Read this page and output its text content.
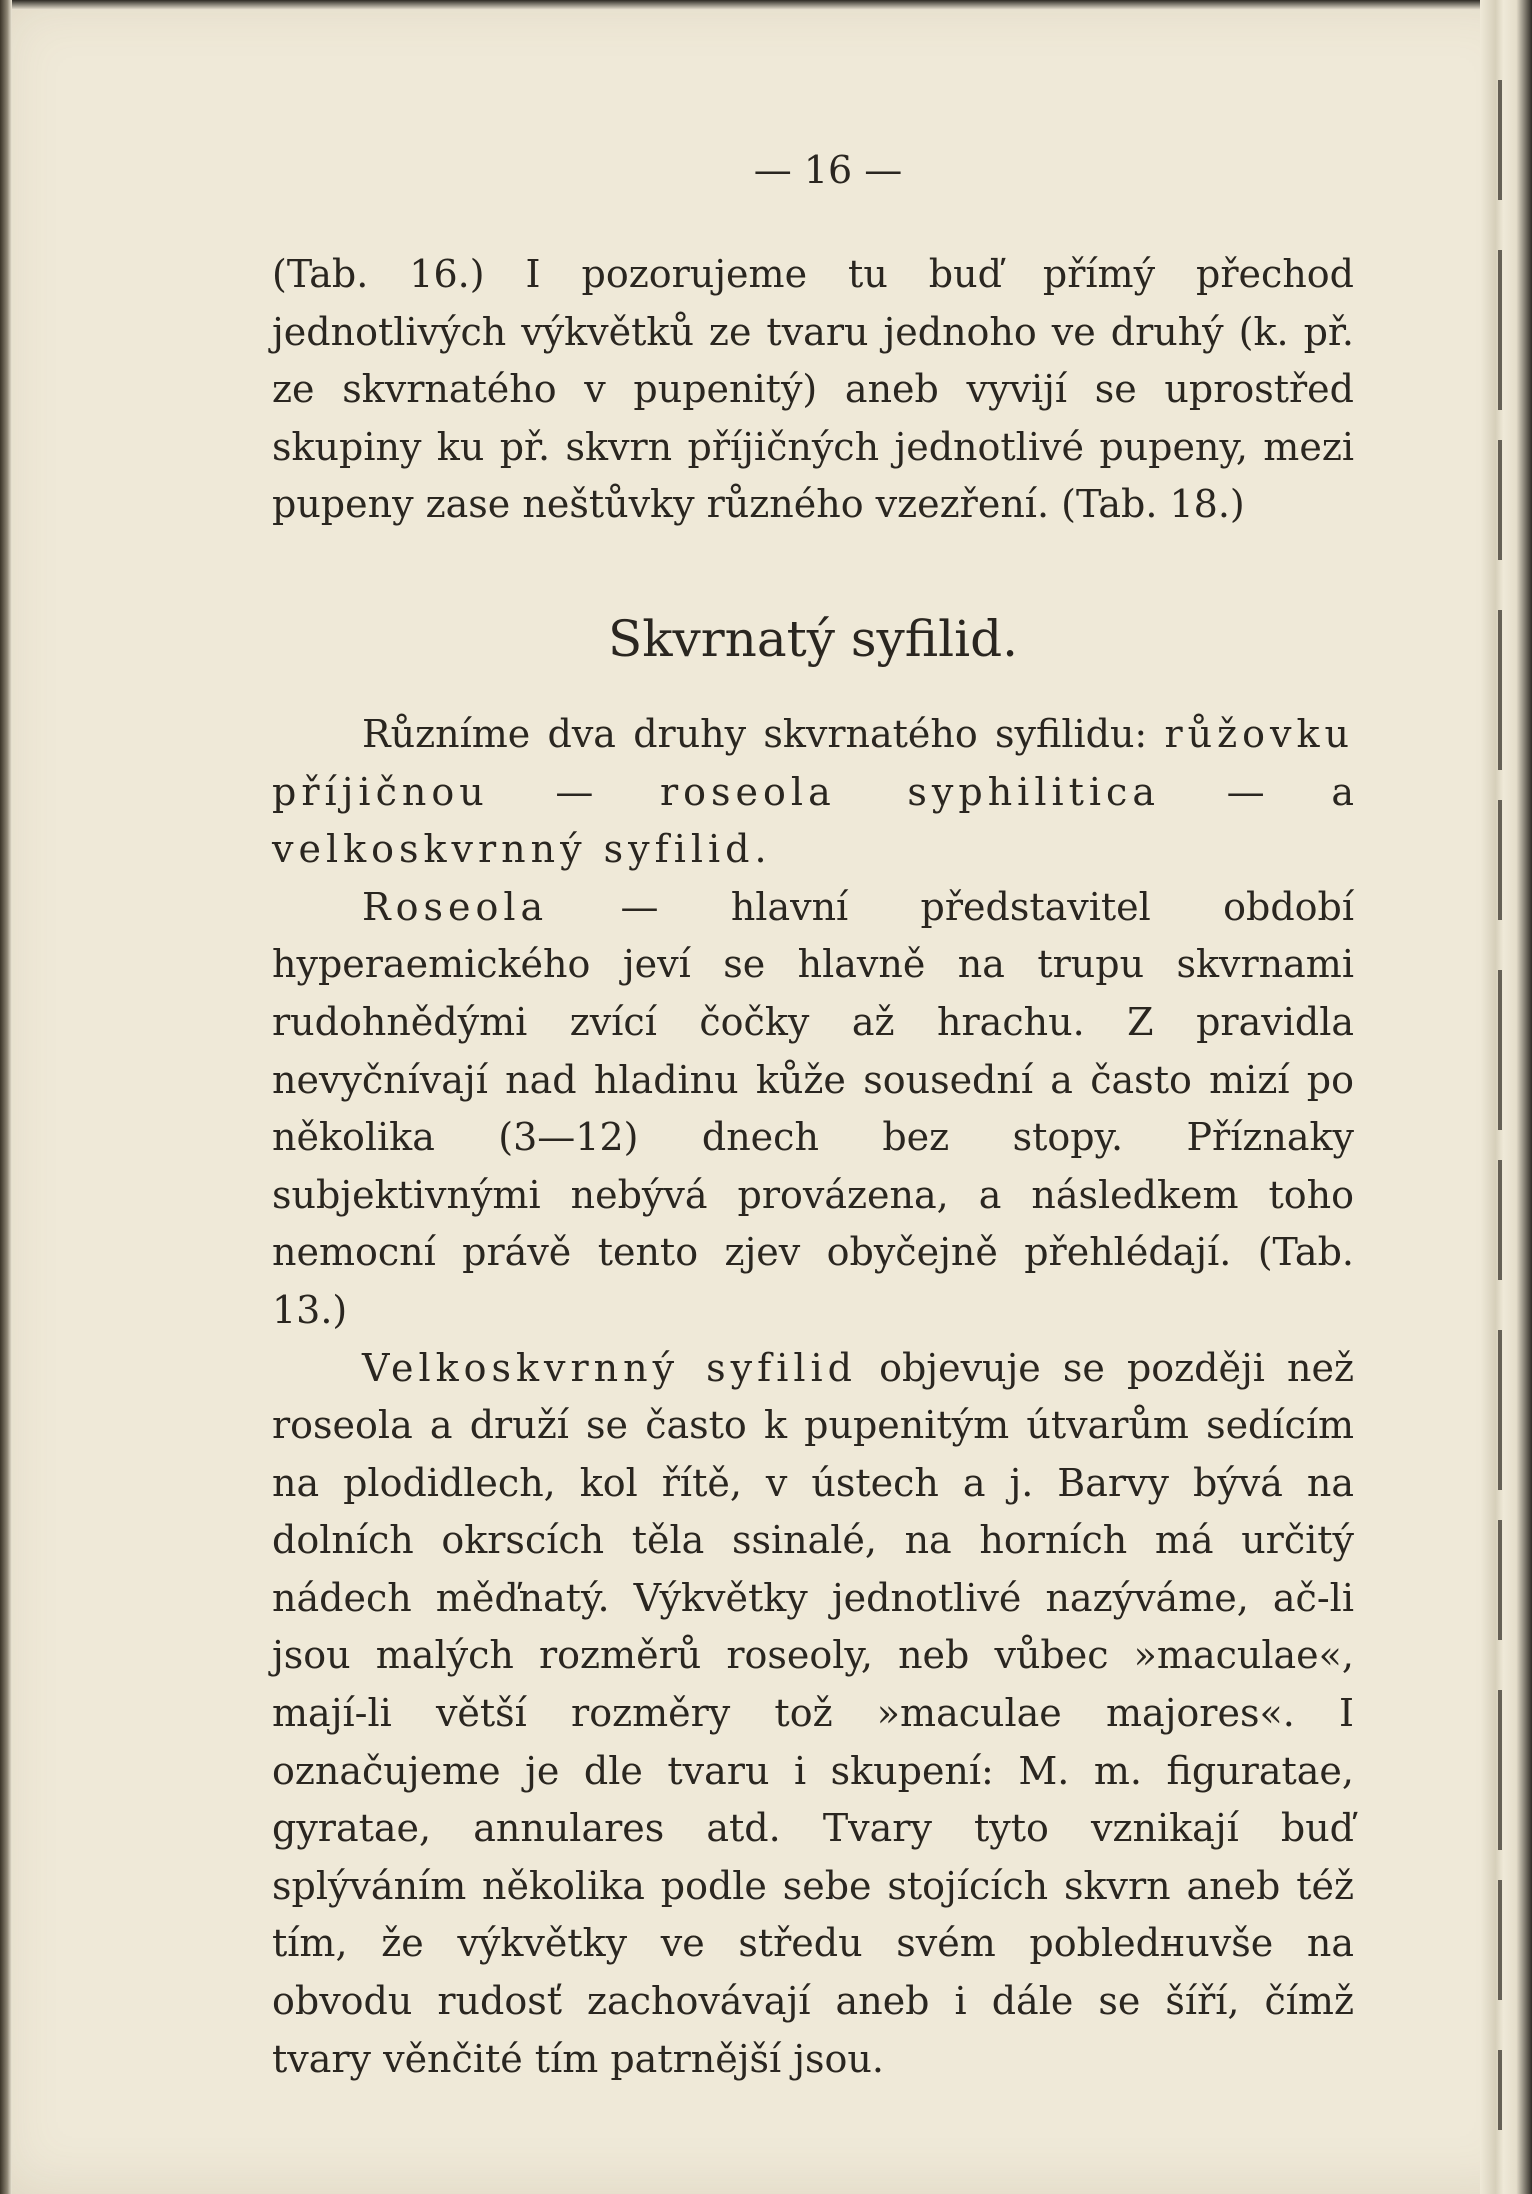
— 16 —

(Tab. 16.) I pozorujeme tu buď přímý přechod jednotlivých výkvětků ze tvaru jednoho ve druhý (k. př. ze skvrnatého v pupenitý) aneb vyvijí se uprostřed skupiny ku př. skvrn příjičných jednotlivé pupeny, mezi pupeny zase neštůvky různého vzezření. (Tab. 18.)

Skvrnatý syfilid.

Různíme dva druhy skvrnatého syfilidu: růžovku příjičnou — roseola syphilitica — a velkoskvrnný syfilid.

Roseola — hlavní představitel období hyperaemického jeví se hlavně na trupu skvrnami rudohnědými zvící čočky až hrachu. Z pravidla nevyčnívají nad hladinu kůže sousední a často mizí po několika (3—12) dnech bez stopy. Příznaky subjektivnými nebývá provázena, a následkem toho nemocní právě tento zjev obyčejně přehlédají. (Tab. 13.)

Velkoskvrnný syfilid objevuje se později než roseola a druží se často k pupenitým útvarům sedícím na plodidlech, kol řítě, v ústech a j. Barvy bývá na dolních okrscích těla ssinalé, na horních má určitý nádech měďnatý. Výkvětky jednotlivé nazýváme, ač-li jsou malých rozměrů roseoly, neb vůbec »maculae«, mají-li větší rozměry tož »maculae majores«. I označujeme je dle tvaru i skupení: M. m. figuratae, gyratae, annulares atd. Tvary tyto vznikají buď splýváním několika podle sebe stojících skvrn aneb též tím, že výkvětky ve středu svém pobledнuvše na obvodu rudosť zachovávají aneb i dále se šíří, čímž tvary věnčité tím patrnější jsou.
